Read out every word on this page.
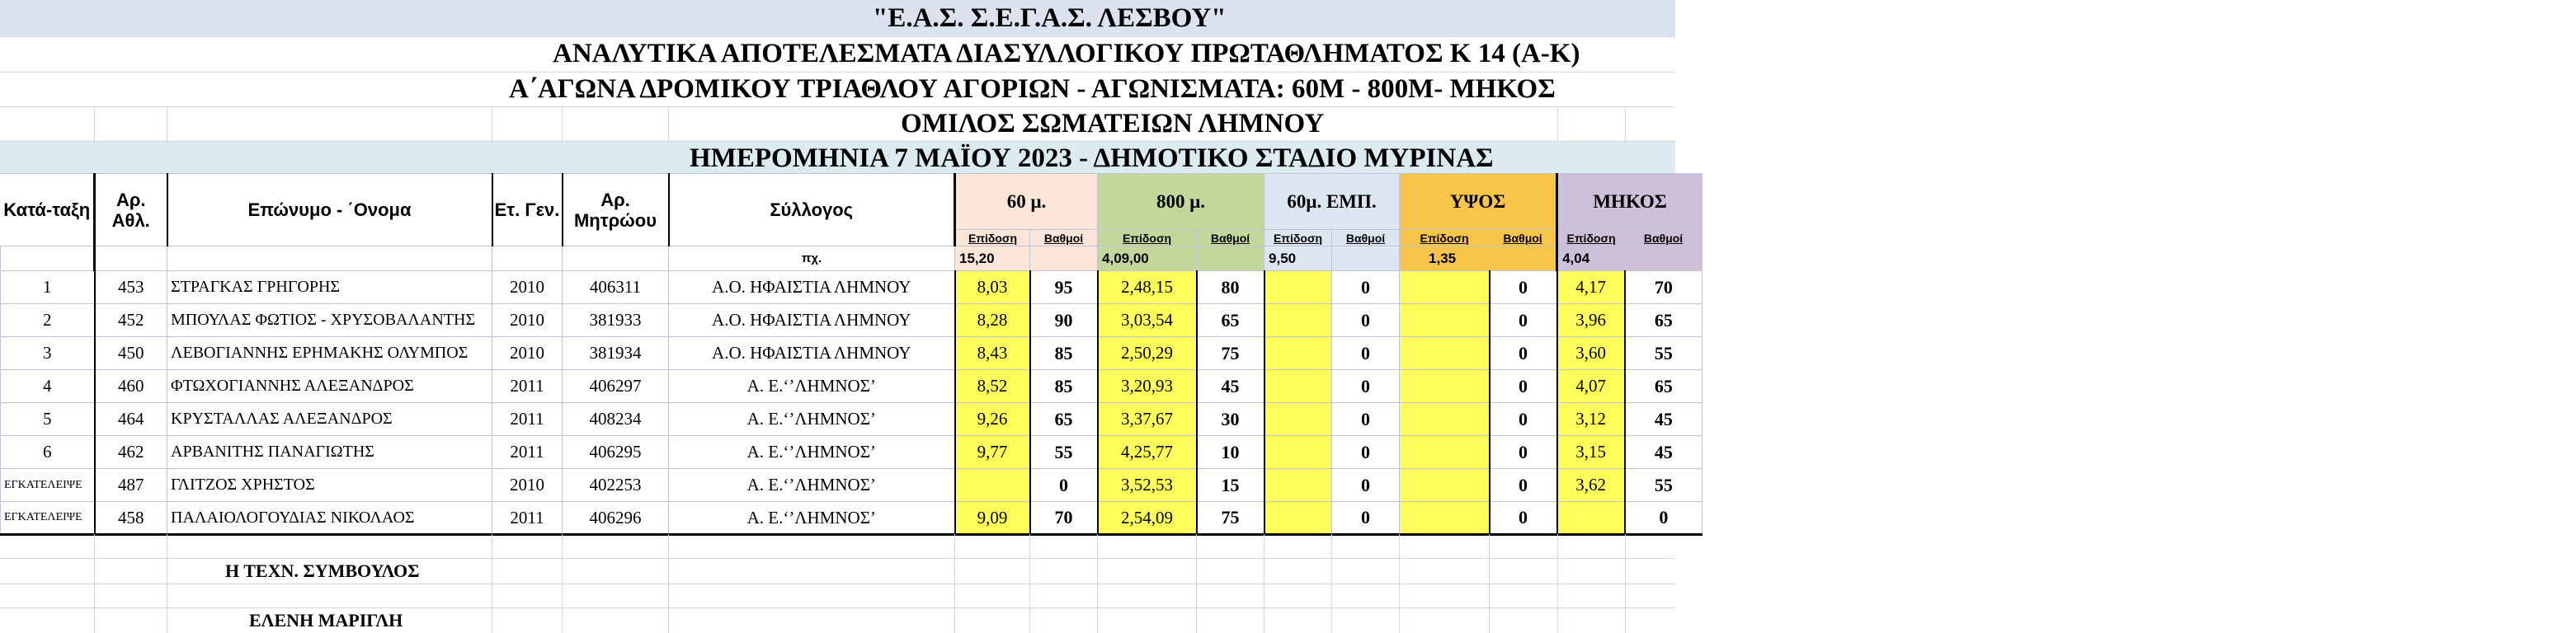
"Ε.Α.Σ. Σ.Ε.Γ.Α.Σ. ΛΕΣΒΟΥ"
ΑΝΑΛΥΤΙΚΑ ΑΠΟΤΕΛΕΣΜΑΤΑ ΔΙΑΣΥΛΛΟΓΙΚΟΥ ΠΡΩΤΑΘΛΗΜΑΤΟΣ Κ 14 (Α-Κ)
Α΄ΑΓΩΝΑ ΔΡΟΜΙΚΟΥ ΤΡΙΑΘΛΟΥ ΑΓΟΡΙΩΝ - ΑΓΩΝΙΣΜΑΤΑ: 60Μ - 800Μ- ΜΗΚΟΣ
ΟΜΙΛΟΣ ΣΩΜΑΤΕΙΩΝ ΛΗΜΝΟΥ
ΗΜΕΡΟΜΗΝΙΑ 7 ΜΑΪΟΥ 2023 - ΔΗΜΟΤΙΚΟ ΣΤΑΔΙΟ ΜΥΡΙΝΑΣ
Κατά-ταξη	Αρ. Αθλ.	Επώνυμο - ΄Ονομα	Ετ. Γεν.	Αρ. Μητρώου	Σύλλογος	60 μ.		800 μ.		60μ. ΕΜΠ.		ΥΨΟΣ		ΜΗΚΟΣ	
						Επίδοση	Βαθμοί	Επίδοση	Βαθμοί	Επίδοση	Βαθμοί	Επίδοση	Βαθμοί	Επίδοση	Βαθμοί
					πχ.	15,20		4,09,00		9,50		1,35		4,04	
1	453	ΣΤΡΑΓΚΑΣ ΓΡΗΓΟΡΗΣ	2010	406311	Α.Ο. ΗΦΑΙΣΤΙΑ ΛΗΜΝΟΥ	8,03	95	2,48,15	80		0		0	4,17	70
2	452	ΜΠΟΥΛΑΣ ΦΩΤΙΟΣ - ΧΡΥΣΟΒΑΛΑΝΤΗΣ	2010	381933	Α.Ο. ΗΦΑΙΣΤΙΑ ΛΗΜΝΟΥ	8,28	90	3,03,54	65		0		0	3,96	65
3	450	ΛΕΒΟΓΙΑΝΝΗΣ ΕΡΗΜΑΚΗΣ ΟΛΥΜΠΟΣ	2010	381934	Α.Ο. ΗΦΑΙΣΤΙΑ ΛΗΜΝΟΥ	8,43	85	2,50,29	75		0		0	3,60	55
4	460	ΦΤΩΧΟΓΙΑΝΝΗΣ ΑΛΕΞΑΝΔΡΟΣ	2011	406297	Α. Ε.‘’ΛΗΜΝΟΣ’	8,52	85	3,20,93	45		0		0	4,07	65
5	464	ΚΡΥΣΤΑΛΛΑΣ ΑΛΕΞΑΝΔΡΟΣ	2011	408234	Α. Ε.‘’ΛΗΜΝΟΣ’	9,26	65	3,37,67	30		0		0	3,12	45
6	462	ΑΡΒΑΝΙΤΗΣ ΠΑΝΑΓΙΩΤΗΣ	2011	406295	Α. Ε.‘’ΛΗΜΝΟΣ’	9,77	55	4,25,77	10		0		0	3,15	45
ΕΓΚΑΤΕΛΕΙΨΕ	487	ΓΛΙΤΖΟΣ ΧΡΗΣΤΟΣ	2010	402253	Α. Ε.‘’ΛΗΜΝΟΣ’		0	3,52,53	15		0		0	3,62	55
ΕΓΚΑΤΕΛΕΙΨΕ	458	ΠΑΛΑΙΟΛΟΓΟΥΔΙΑΣ ΝΙΚΟΛΑΟΣ	2011	406296	Α. Ε.‘’ΛΗΜΝΟΣ’	9,09	70	2,54,09	75		0		0		0
Η ΤΕΧΝ. ΣΥΜΒΟΥΛΟΣ
ΕΛΕΝΗ ΜΑΡΙΓΛΗ
